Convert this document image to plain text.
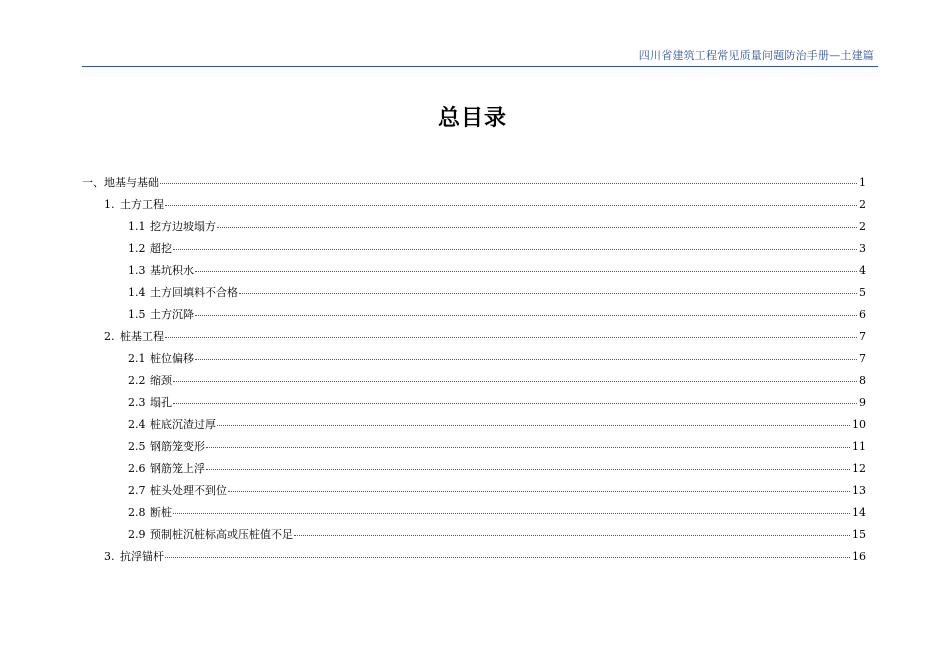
四川省建筑工程常见质量问题防治手册—土建篇
总目录
一、 地基与基础	1
1. 土方工程	2
1.1 挖方边坡塌方	2
1.2 超挖	3
1.3 基坑积水	4
1.4 土方回填料不合格	5
1.5 土方沉降	6
2. 桩基工程	7
2.1 桩位偏移	7
2.2 缩颈	8
2.3 塌孔	9
2.4 桩底沉渣过厚	10
2.5 钢筋笼变形	11
2.6 钢筋笼上浮	12
2.7 桩头处理不到位	13
2.8 断桩	14
2.9 预制桩沉桩标高或压桩值不足	15
3. 抗浮锚杆	16
